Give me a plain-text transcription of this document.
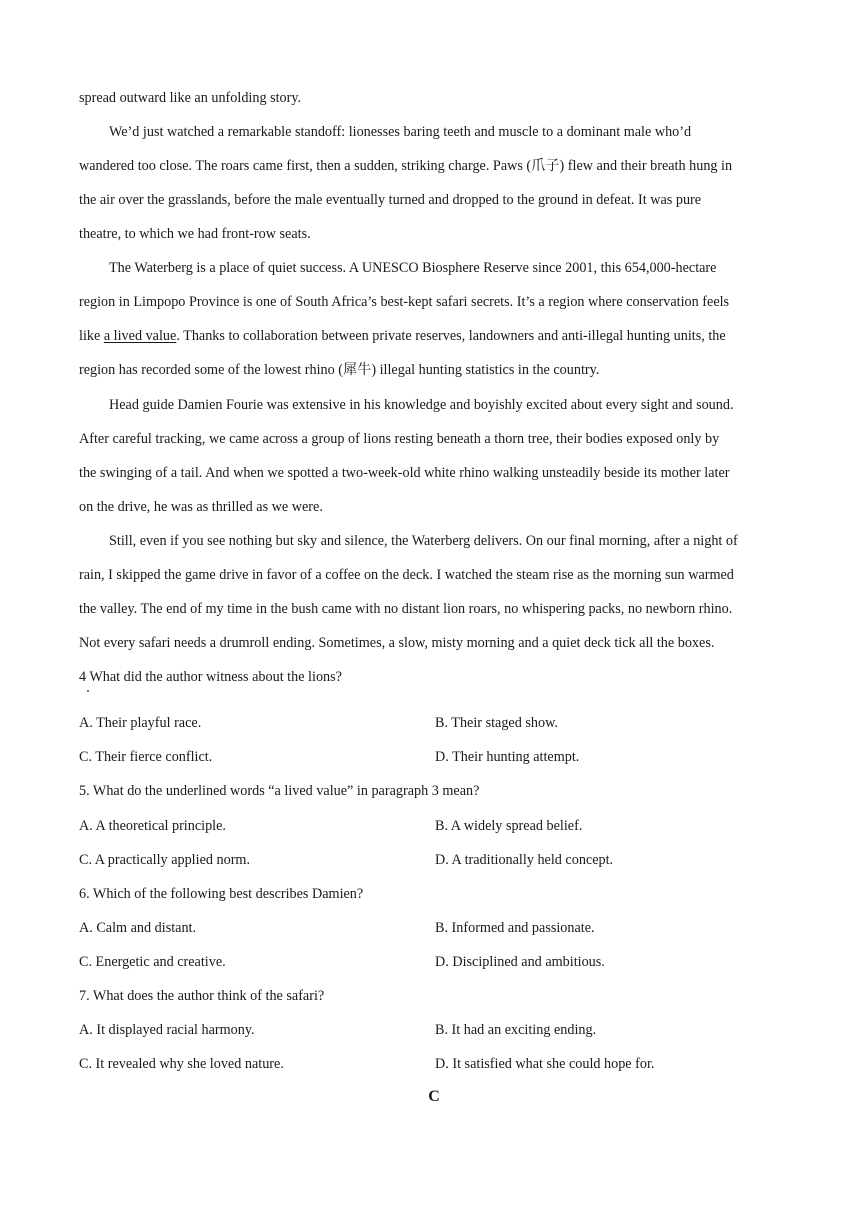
spread outward like an unfolding story.
We’d just watched a remarkable standoff: lionesses baring teeth and muscle to a dominant male who’d
wandered too close. The roars came first, then a sudden, striking charge. Paws (爪子) flew and their breath hung in
the air over the grasslands, before the male eventually turned and dropped to the ground in defeat. It was pure
theatre, to which we had front-row seats.
The Waterberg is a place of quiet success. A UNESCO Biosphere Reserve since 2001, this 654,000-hectare
region in Limpopo Province is one of South Africa’s best-kept safari secrets. It’s a region where conservation feels
like a lived value. Thanks to collaboration between private reserves, landowners and anti-illegal hunting units, the
region has recorded some of the lowest rhino (犀牛) illegal hunting statistics in the country.
Head guide Damien Fourie was extensive in his knowledge and boyishly excited about every sight and sound.
After careful tracking, we came across a group of lions resting beneath a thorn tree, their bodies exposed only by
the swinging of a tail. And when we spotted a two-week-old white rhino walking unsteadily beside its mother later
on the drive, he was as thrilled as we were.
Still, even if you see nothing but sky and silence, the Waterberg delivers. On our final morning, after a night of
rain, I skipped the game drive in favor of a coffee on the deck. I watched the steam rise as the morning sun warmed
the valley. The end of my time in the bush came with no distant lion roars, no whispering packs, no newborn rhino.
Not every safari needs a drumroll ending. Sometimes, a slow, misty morning and a quiet deck tick all the boxes.
4 What did the author witness about the lions?
A. Their playful race.	B. Their staged show.
C. Their fierce conflict.	D. Their hunting attempt.
5. What do the underlined words “a lived value” in paragraph 3 mean?
A. A theoretical principle.	B. A widely spread belief.
C. A practically applied norm.	D. A traditionally held concept.
6. Which of the following best describes Damien?
A. Calm and distant.	B. Informed and passionate.
C. Energetic and creative.	D. Disciplined and ambitious.
7. What does the author think of the safari?
A. It displayed racial harmony.	B. It had an exciting ending.
C. It revealed why she loved nature.	D. It satisfied what she could hope for.
C
